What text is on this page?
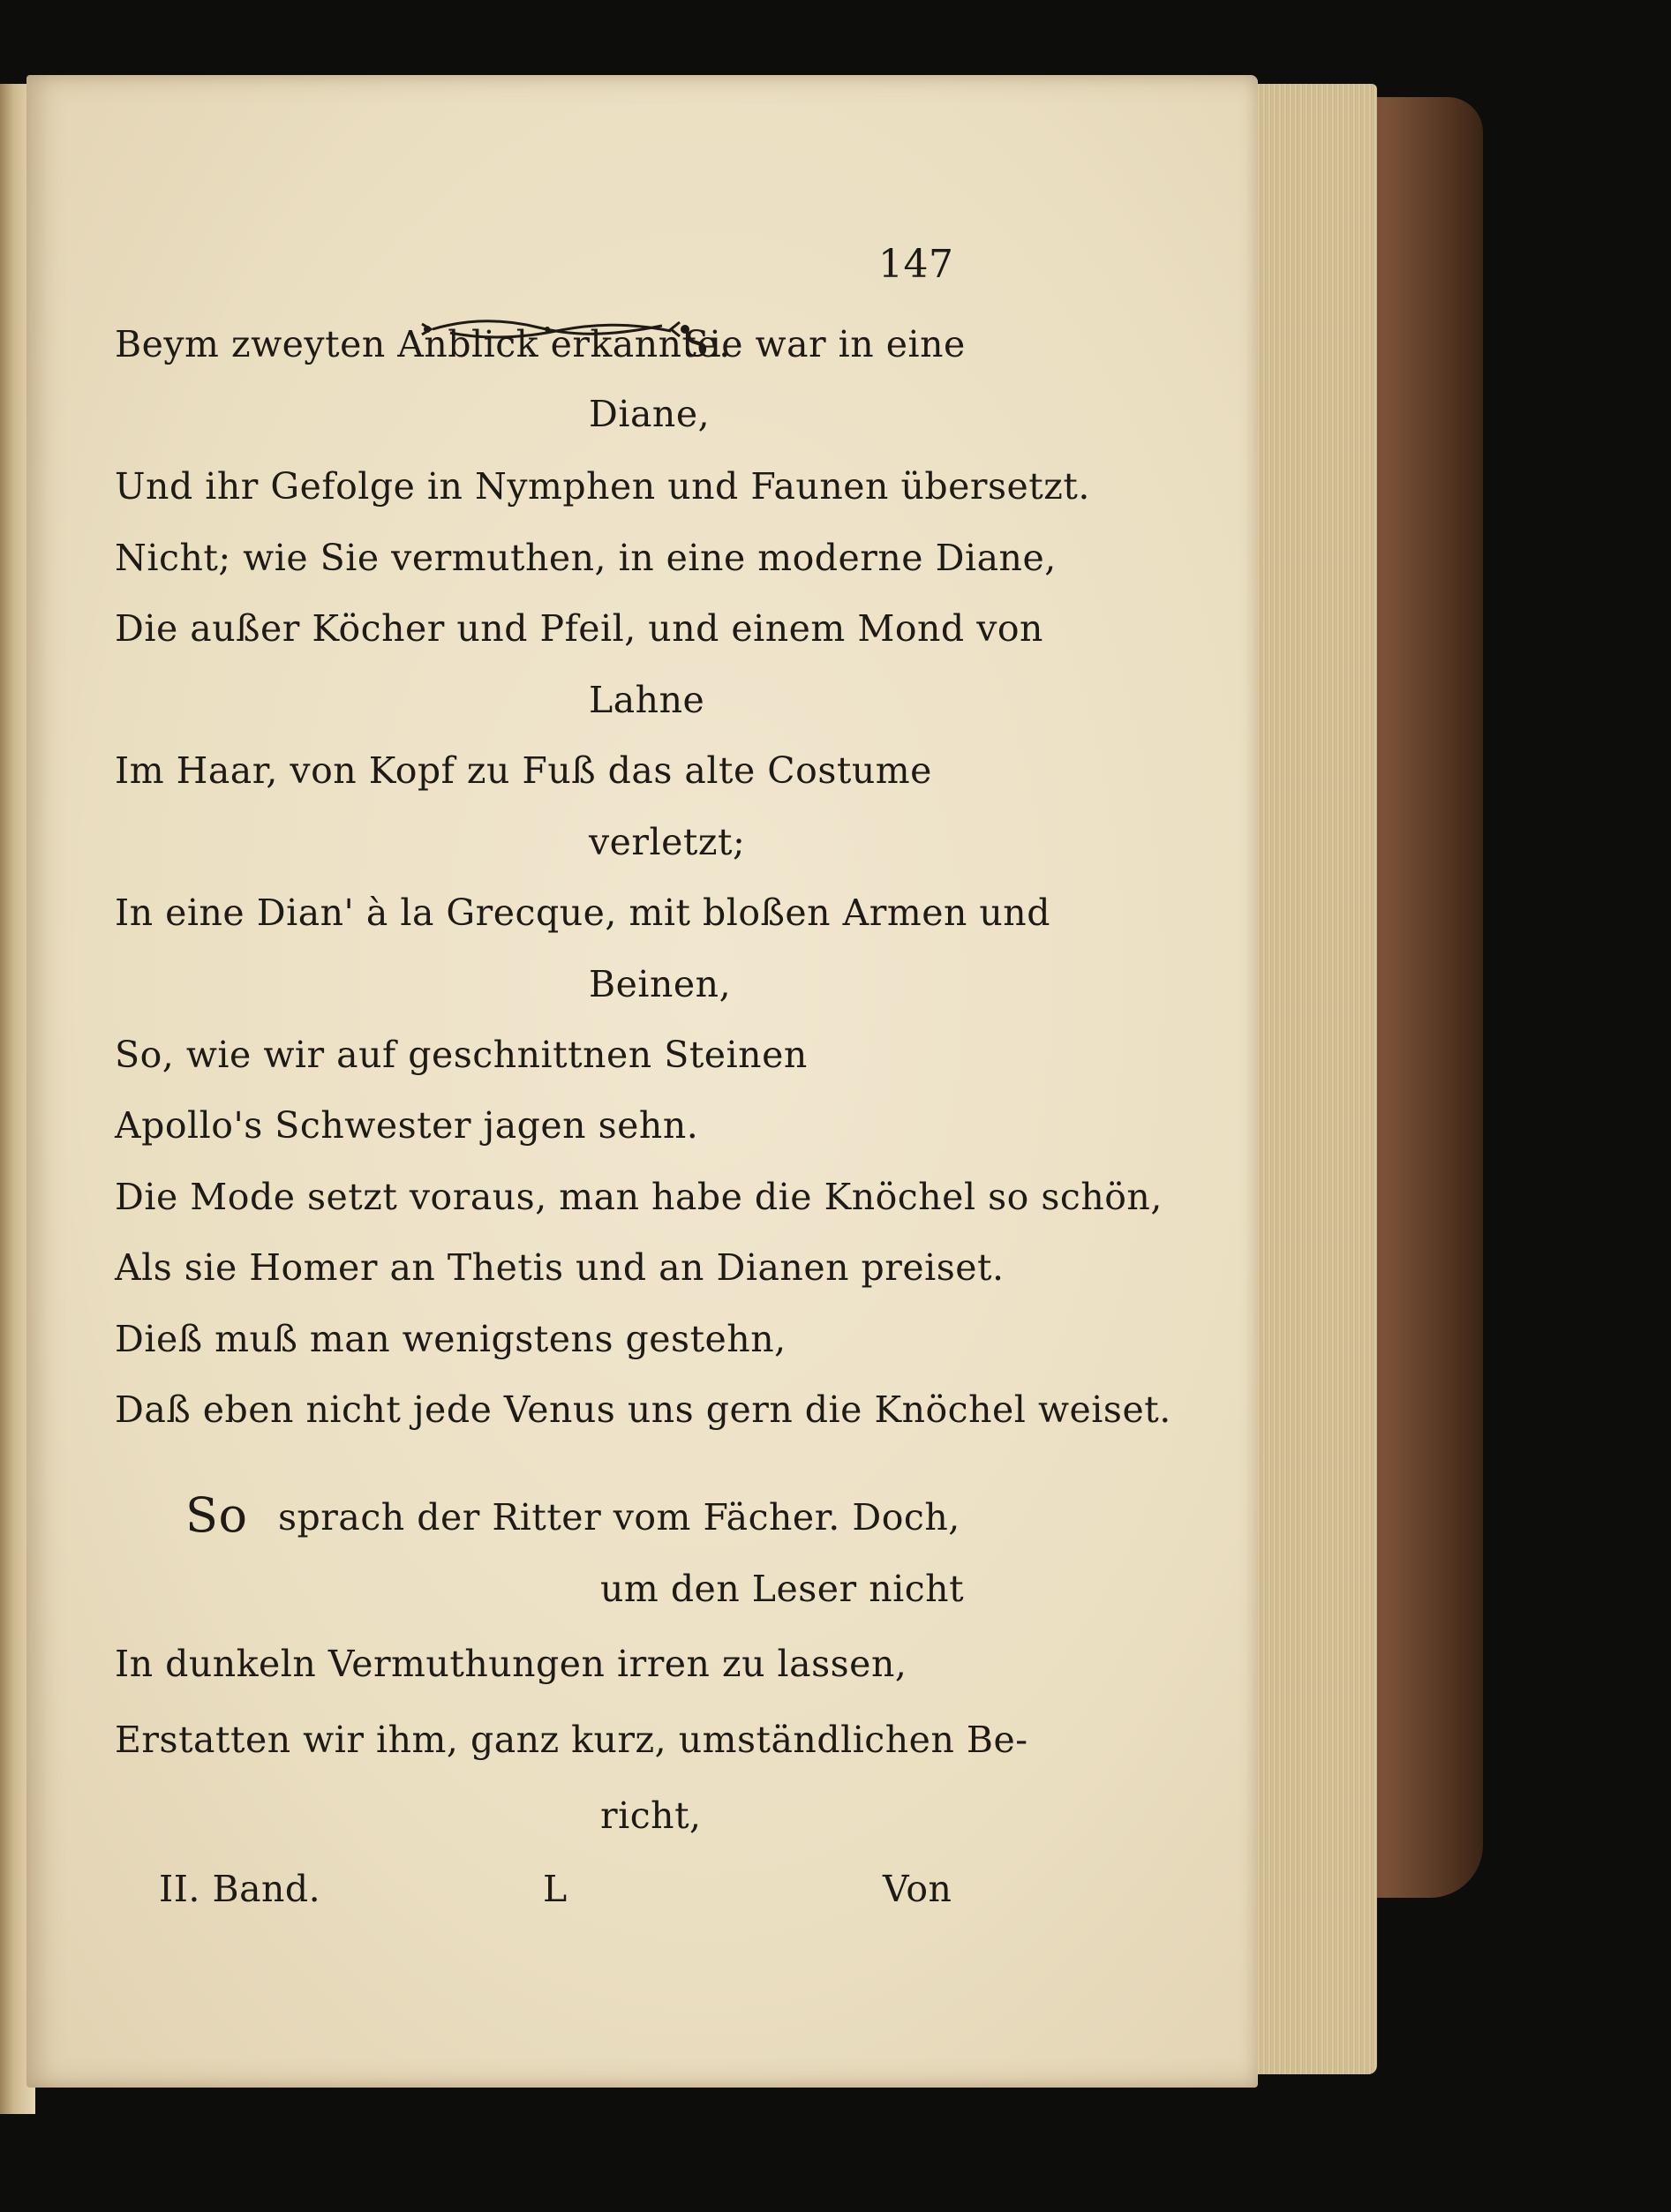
147
Beym zweyten Anblick erkannte.
Sie war in eine
Diane,
Und ihr Gefolge in Nymphen und Faunen übersetzt.
Nicht; wie Sie vermuthen, in eine moderne Diane,
Die außer Köcher und Pfeil, und einem Mond von
Lahne
Im Haar, von Kopf zu Fuß das alte Costume
verletzt;
In eine Dian' à la Grecque, mit bloßen Armen und
Beinen,
So, wie wir auf geschnittnen Steinen
Apollo's Schwester jagen sehn.
Die Mode setzt voraus, man habe die Knöchel so schön,
Als sie Homer an Thetis und an Dianen preiset.
Dieß muß man wenigstens gestehn,
Daß eben nicht jede Venus uns gern die Knöchel weiset.
So sprach der Ritter vom Fächer. Doch,
um den Leser nicht
In dunkeln Vermuthungen irren zu lassen,
Erstatten wir ihm, ganz kurz, umständlichen Be-
richt,
II. Band.	L	Von
